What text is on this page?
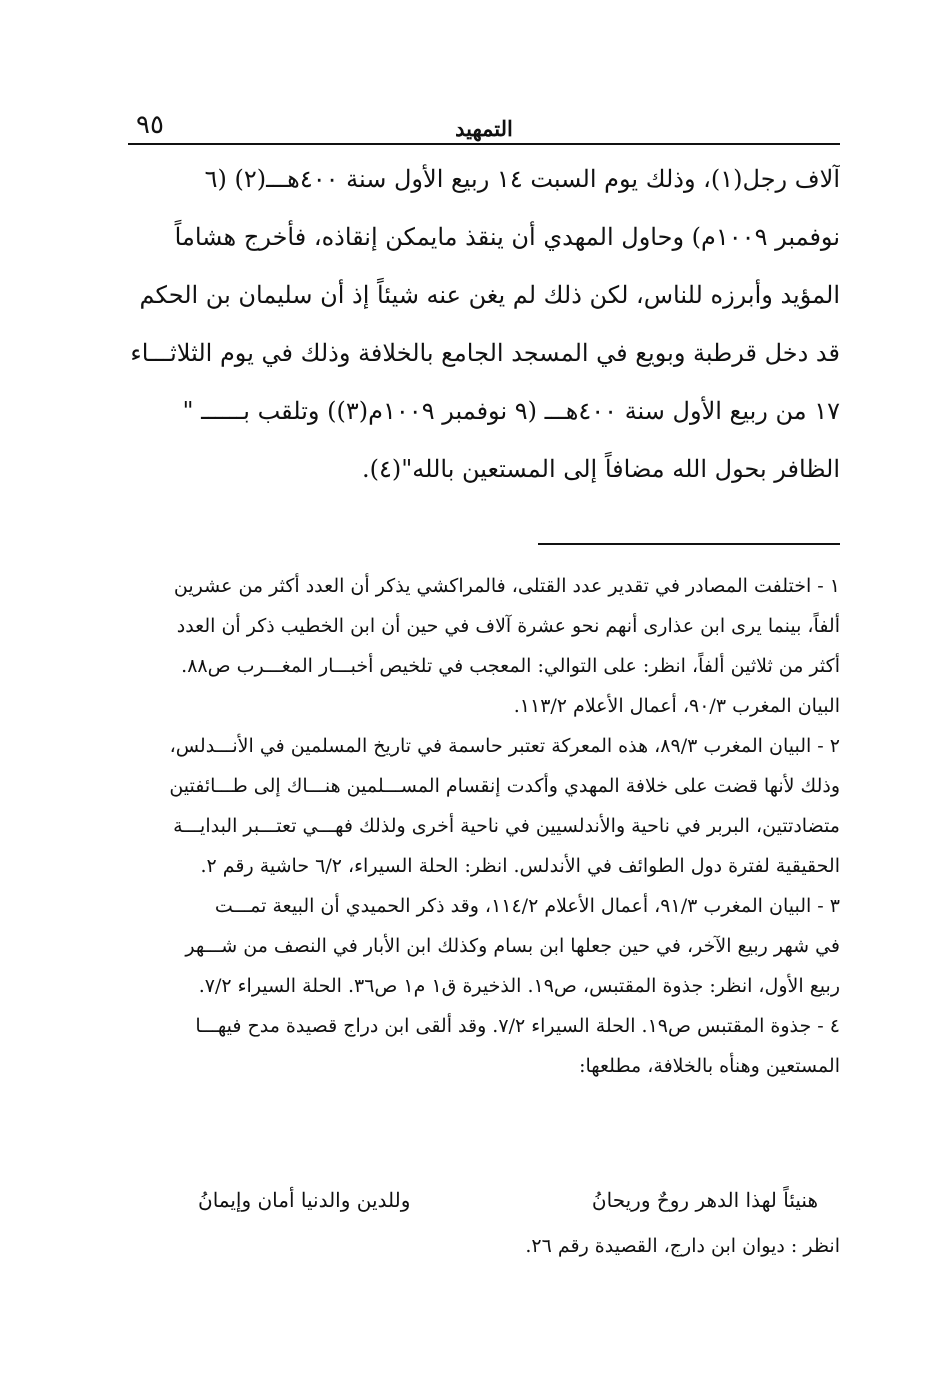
٩٥	التمهيد
آلاف رجل(١)، وذلك يوم السبت ١٤ ربيع الأول سنة ٤٠٠هـــ(٢) (٦
نوفمبر ١٠٠٩م) وحاول المهدي أن ينقذ مايمكن إنقاذه، فأخرج هشاماً
المؤيد وأبرزه للناس، لكن ذلك لم يغن عنه شيئاً إذ أن سليمان بن الحكم
قد دخل قرطبة وبويع في المسجد الجامع بالخلافة وذلك في يوم الثلاثـــاء
١٧ من ربيع الأول سنة ٤٠٠هـــ (٩ نوفمبر ١٠٠٩م(٣)) وتلقب بــــــ "
الظافر بحول الله مضافاً إلى المستعين بالله"(٤).
١ - اختلفت المصادر في تقدير عدد القتلى، فالمراكشي يذكر أن العدد أكثر من عشرين
ألفاً، بينما يرى ابن عذارى أنهم نحو عشرة آلاف في حين أن ابن الخطيب ذكر أن العدد
أكثر من ثلاثين ألفاً، انظر: على التوالي: المعجب في تلخيص أخبـــار المغـــرب ص٨٨.
البيان المغرب ٩٠/٣، أعمال الأعلام ١١٣/٢.
٢ - البيان المغرب ٨٩/٣، هذه المعركة تعتبر حاسمة في تاريخ المسلمين في الأنـــدلس،
وذلك لأنها قضت على خلافة المهدي وأكدت إنقسام المســـلمين هنـــاك إلى طـــائفتين
متضادتتين، البربر في ناحية والأندلسيين في ناحية أخرى ولذلك فهـــي تعتـــبر البدايـــة
الحقيقية لفترة دول الطوائف في الأندلس. انظر: الحلة السيراء، ٦/٢ حاشية رقم ٢.
٣ - البيان المغرب ٩١/٣، أعمال الأعلام ١١٤/٢، وقد ذكر الحميدي أن البيعة تمـــت
في شهر ربيع الآخر، في حين جعلها ابن بسام وكذلك ابن الأبار في النصف من شـــهر
ربيع الأول، انظر: جذوة المقتبس، ص١٩. الذخيرة ق١ م١ ص٣٦. الحلة السيراء ٧/٢.
٤ - جذوة المقتبس ص١٩. الحلة السيراء ٧/٢. وقد ألقى ابن دراج قصيدة مدح فيهـــا
المستعين وهنأه بالخلافة، مطلعها:
هنيئاً لهذا الدهر روحٌ وريحانُ
وللدين والدنيا أمان وإيمانُ
انظر : ديوان ابن دارج، القصيدة رقم ٢٦.
